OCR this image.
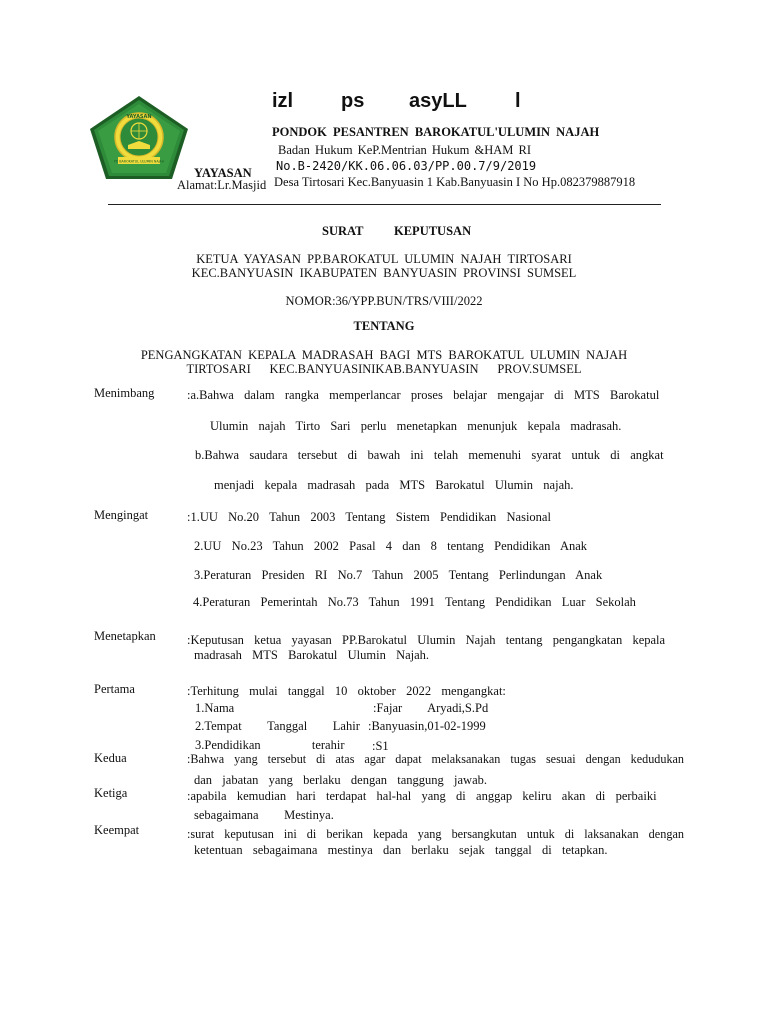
YAYASAN
PP. BAROKATUL ULUMIN NAJAH
izl ps asyLL l
PONDOK PESANTREN BAROKATUL'ULUMIN NAJAH
Badan Hukum KeP.Mentrian Hukum &HAM RI
No.B-2420/KK.06.06.03/PP.00.7/9/2019
YAYASAN
Alamat:Lr.Masjid Desa Tirtosari Kec.Banyuasin 1 Kab.Banyuasin I No Hp.082379887918
SURAT KEPUTUSAN
KETUA  YAYASAN  PP.BAROKATUL  ULUMIN  NAJAH  TIRTOSARI
KEC.BANYUASIN  IKABUPATEN  BANYUASIN  PROVINSI  SUMSEL
NOMOR:36/YPP.BUN/TRS/VIII/2022
TENTANG
PENGANGKATAN  KEPALA  MADRASAH  BAGI  MTS  BAROKATUL  ULUMIN  NAJAH
TIRTOSARI      KEC.BANYUASINIKAB.BANYUASIN      PROV.SUMSEL
Menimbang	:a.Bahwa  dalam  rangka  memperlancar  proses  belajar  mengajar  di  MTS  Barokatul
Ulumin  najah  Tirto  Sari  perlu  menetapkan  menunjuk  kepala  madrasah.
b.Bahwa  saudara  tersebut  di  bawah  ini  telah  memenuhi  syarat  untuk  di  angkat
menjadi  kepala  madrasah  pada  MTS  Barokatul  Ulumin  najah.
Mengingat	:1.UU  No.20  Tahun  2003  Tentang  Sistem  Pendidikan  Nasional
2.UU  No.23  Tahun  2002  Pasal  4  dan  8  tentang  Pendidikan  Anak
3.Peraturan  Presiden  RI  No.7  Tahun  2005  Tentang  Perlindungan  Anak
4.Peraturan  Pemerintah  No.73  Tahun  1991  Tentang  Pendidikan  Luar  Sekolah
Menetapkan :Keputusan  ketua  yayasan  PP.Barokatul  Ulumin  Najah  tentang  pengangkatan  kepala
madrasah  MTS  Barokatul  Ulumin  Najah.
Pertama	:Terhitung  mulai  tanggal  10  oktober  2022  mengangkat:
1.Nama	:Fajar     Aryadi,S.Pd
2.Tempat     Tanggal     Lahir :Banyuasin,01-02-1999
3.Pendidikan          terahir :S1
Kedua	:Bahwa  yang  tersebut  di  atas  agar  dapat  melaksanakan  tugas  sesuai  dengan  kedudukan
dan  jabatan  yang  berlaku  dengan  tanggung  jawab.
Ketiga	:apabila  kemudian  hari  terdapat  hal-hal  yang  di  anggap  keliru  akan  di  perbaiki
sebagaimana     Mestinya.
Keempat	:surat  keputusan  ini  di  berikan  kepada  yang  bersangkutan  untuk  di  laksanakan  dengan
ketentuan  sebagaimana  mestinya  dan  berlaku  sejak  tanggal  di  tetapkan.
